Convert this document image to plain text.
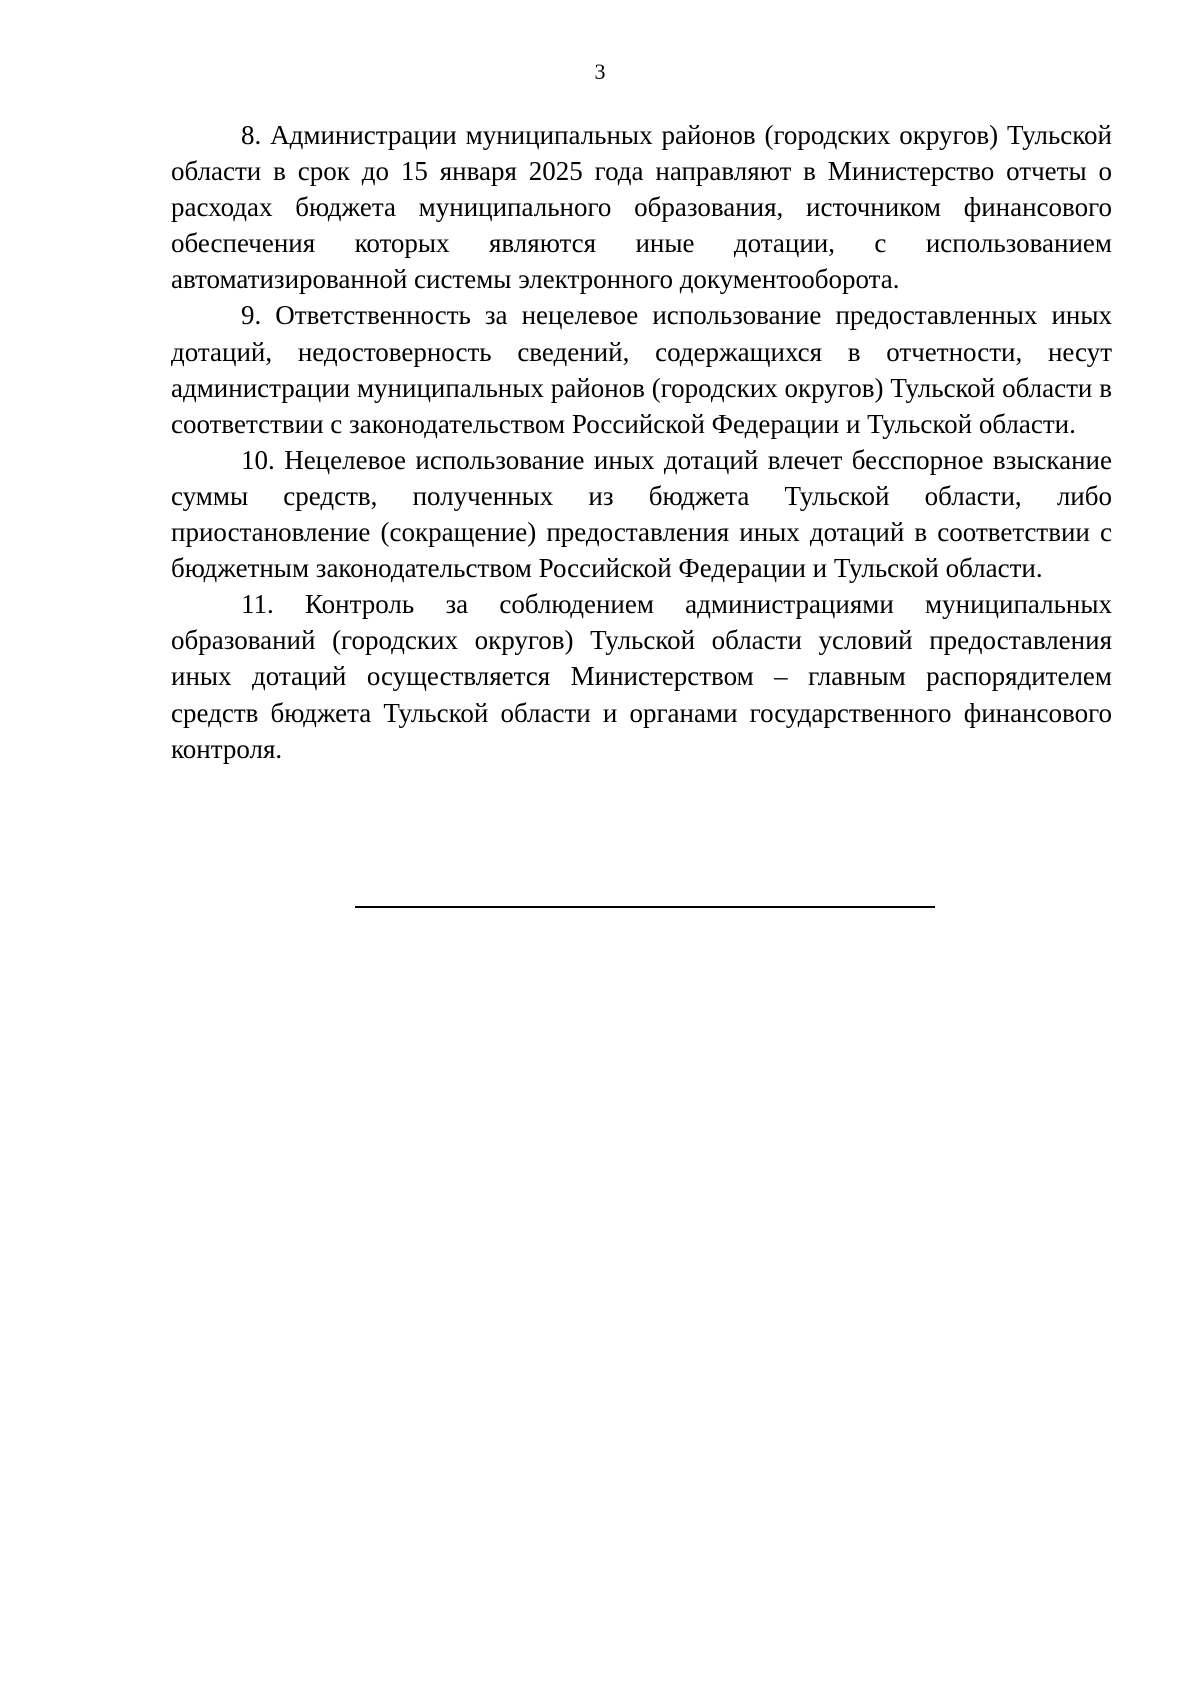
3

8. Администрации муниципальных районов (городских округов) Тульской области в срок до 15 января 2025 года направляют в Министерство отчеты о расходах бюджета муниципального образования, источником финансового обеспечения которых являются иные дотации, с использованием автоматизированной системы электронного документооборота.

9. Ответственность за нецелевое использование предоставленных иных дотаций, недостоверность сведений, содержащихся в отчетности, несут администрации муниципальных районов (городских округов) Тульской области в соответствии с законодательством Российской Федерации и Тульской области.

10. Нецелевое использование иных дотаций влечет бесспорное взыскание суммы средств, полученных из бюджета Тульской области, либо приостановление (сокращение) предоставления иных дотаций в соответствии с бюджетным законодательством Российской Федерации и Тульской области.

11. Контроль за соблюдением администрациями муниципальных образований (городских округов) Тульской области условий предоставления иных дотаций осуществляется Министерством – главным распорядителем средств бюджета Тульской области и органами государственного финансового контроля.
